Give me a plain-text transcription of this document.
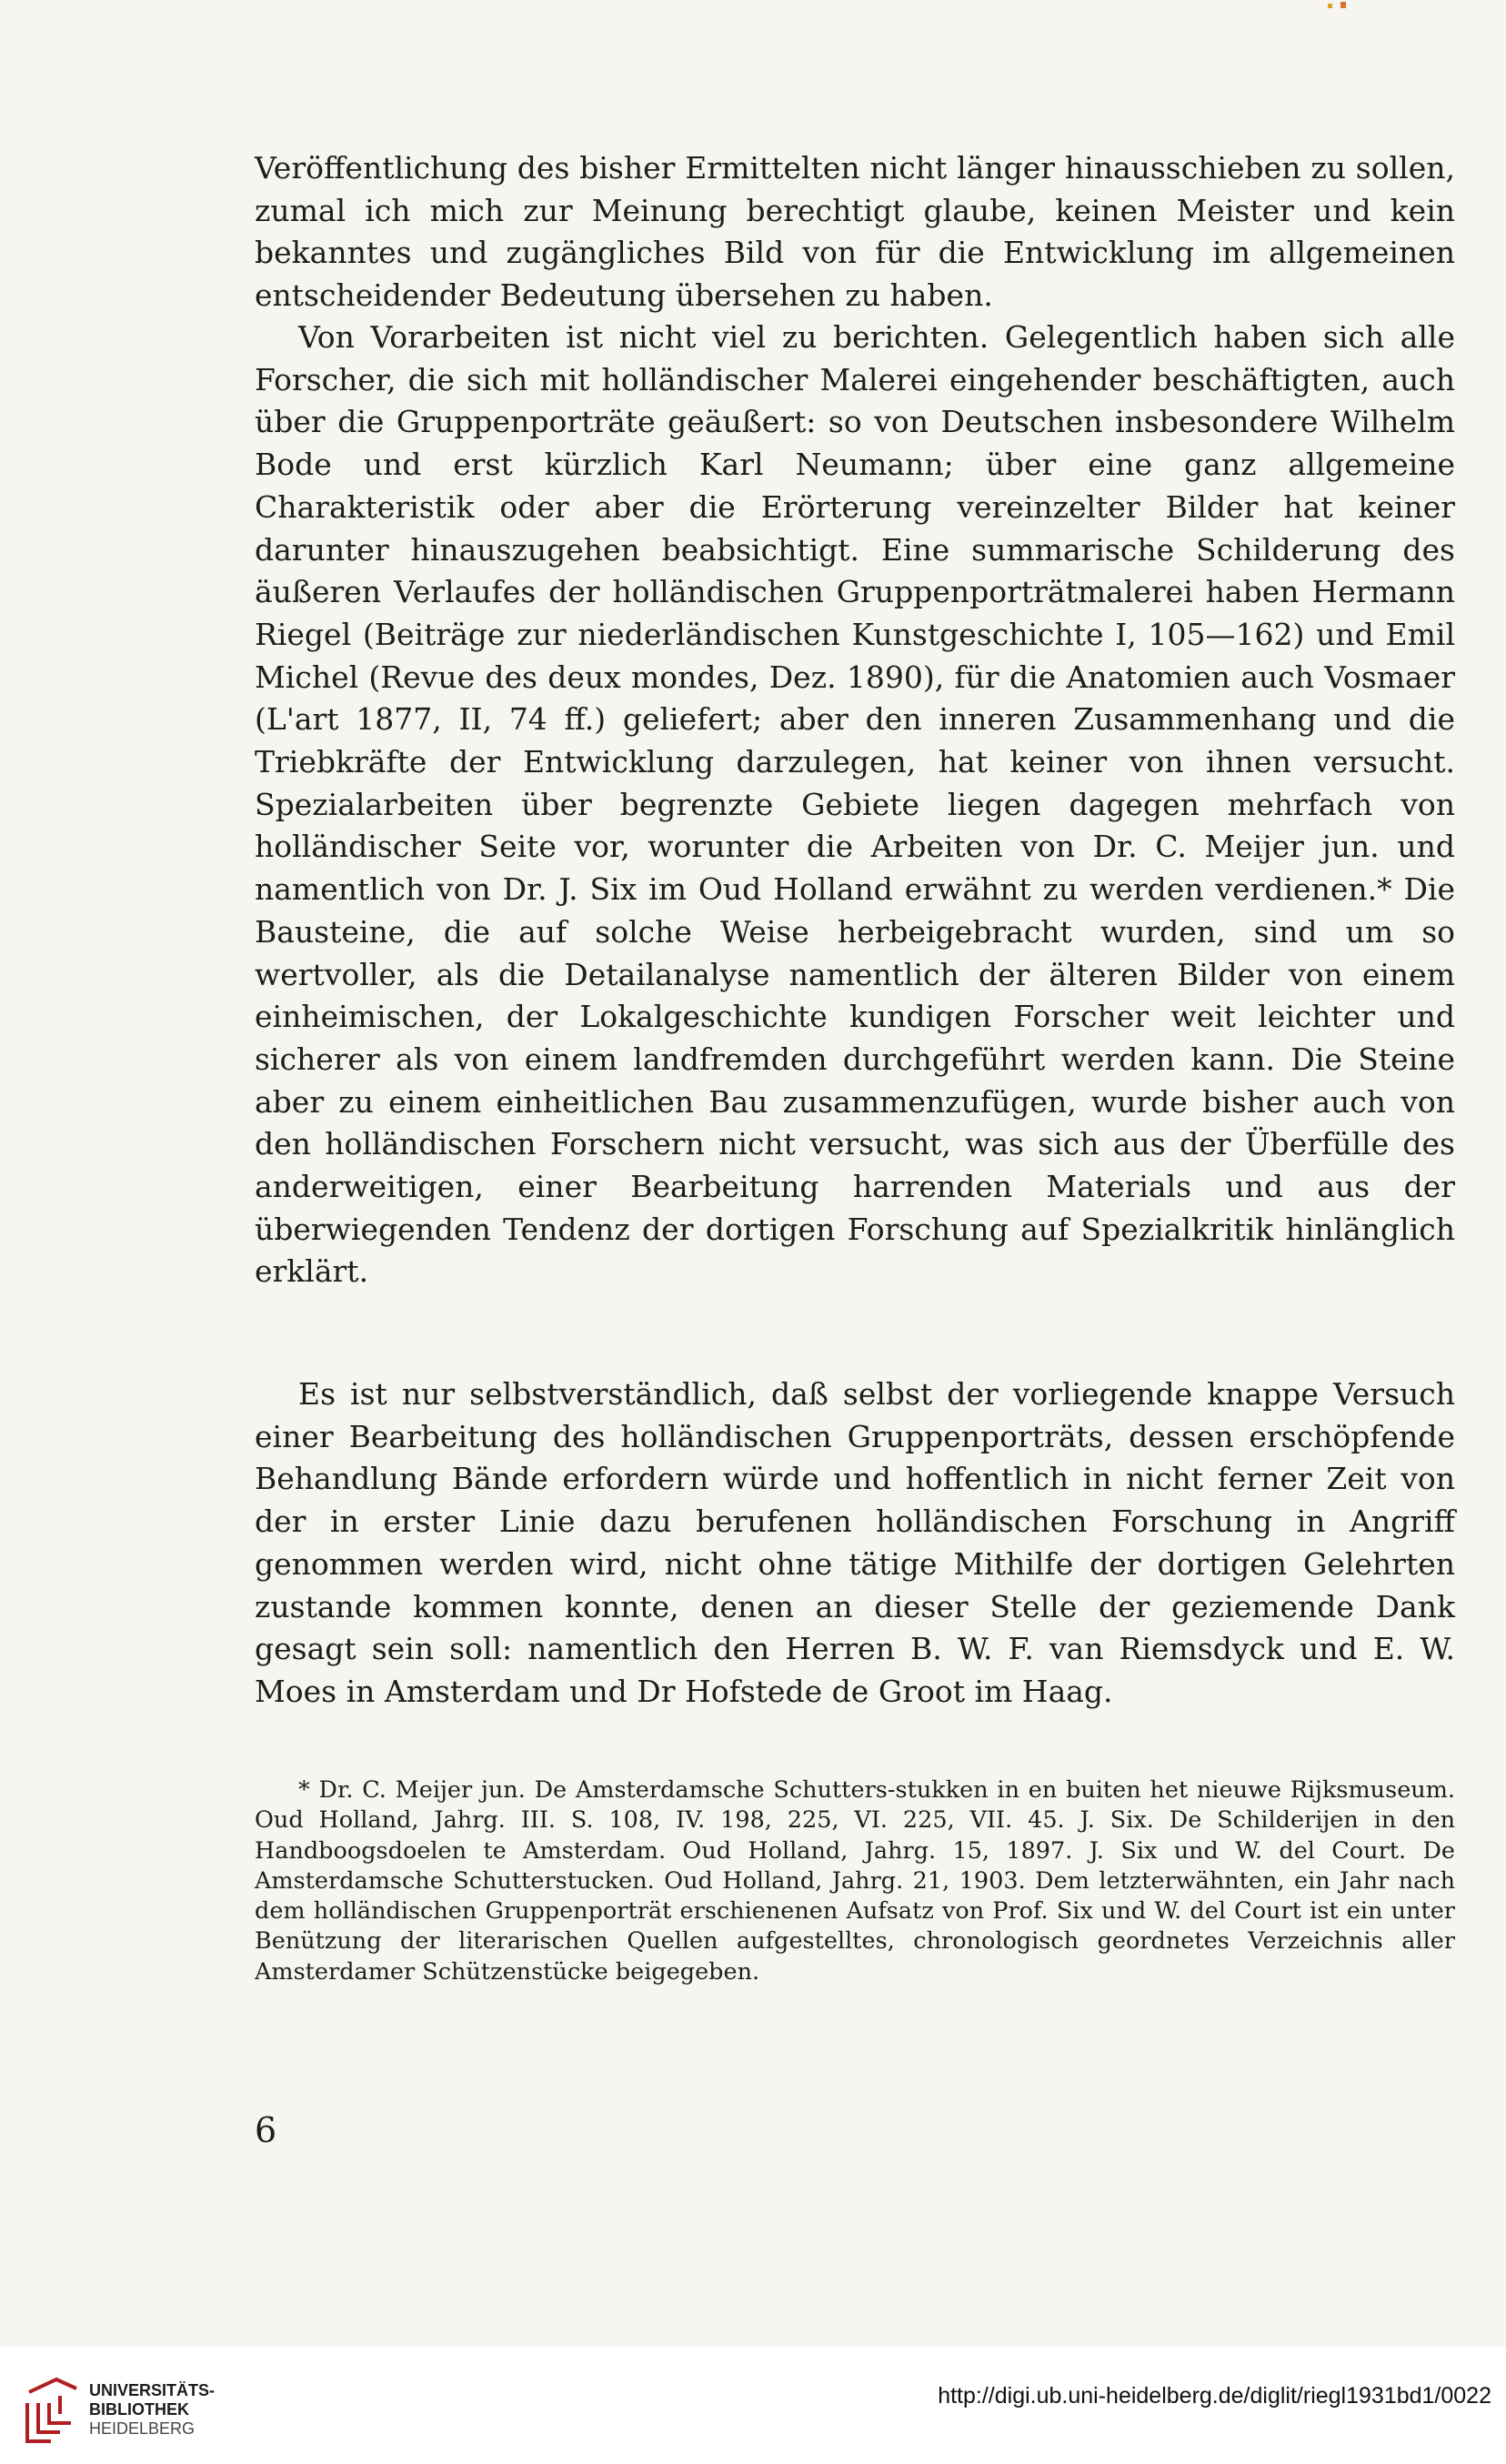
Veröffentlichung des bisher Ermittelten nicht länger hinausschieben zu sollen, zumal ich mich zur Meinung berechtigt glaube, keinen Meister und kein bekanntes und zugängliches Bild von für die Entwicklung im allgemeinen entscheidender Bedeutung übersehen zu haben.

Von Vorarbeiten ist nicht viel zu berichten. Gelegentlich haben sich alle Forscher, die sich mit holländischer Malerei eingehender beschäftigten, auch über die Gruppenporträte geäußert: so von Deutschen insbesondere Wilhelm Bode und erst kürzlich Karl Neumann; über eine ganz allgemeine Charakteristik oder aber die Erörterung vereinzelter Bilder hat keiner darunter hinauszugehen beabsichtigt. Eine summarische Schilderung des äußeren Verlaufes der holländischen Gruppenporträtmalerei haben Hermann Riegel (Beiträge zur niederländischen Kunstgeschichte I, 105—162) und Emil Michel (Revue des deux mondes, Dez. 1890), für die Anatomien auch Vosmaer (L'art 1877, II, 74 ff.) geliefert; aber den inneren Zusammenhang und die Triebkräfte der Entwicklung darzulegen, hat keiner von ihnen versucht. Spezialarbeiten über begrenzte Gebiete liegen dagegen mehrfach von holländischer Seite vor, worunter die Arbeiten von Dr. C. Meijer jun. und namentlich von Dr. J. Six im Oud Holland erwähnt zu werden verdienen.* Die Bausteine, die auf solche Weise herbeigebracht wurden, sind um so wertvoller, als die Detailanalyse namentlich der älteren Bilder von einem einheimischen, der Lokalgeschichte kundigen Forscher weit leichter und sicherer als von einem landfremden durchgeführt werden kann. Die Steine aber zu einem einheitlichen Bau zusammenzufügen, wurde bisher auch von den holländischen Forschern nicht versucht, was sich aus der Überfülle des anderweitigen, einer Bearbeitung harrenden Materials und aus der überwiegenden Tendenz der dortigen Forschung auf Spezialkritik hinlänglich erklärt.

Es ist nur selbstverständlich, daß selbst der vorliegende knappe Versuch einer Bearbeitung des holländischen Gruppenporträts, dessen erschöpfende Behandlung Bände erfordern würde und hoffentlich in nicht ferner Zeit von der in erster Linie dazu berufenen holländischen Forschung in Angriff genommen werden wird, nicht ohne tätige Mithilfe der dortigen Gelehrten zustande kommen konnte, denen an dieser Stelle der geziemende Dank gesagt sein soll: namentlich den Herren B. W. F. van Riemsdyck und E. W. Moes in Amsterdam und Dr Hofstede de Groot im Haag.

* Dr. C. Meijer jun. De Amsterdamsche Schutters-stukken in en buiten het nieuwe Rijksmuseum. Oud Holland, Jahrg. III. S. 108, IV. 198, 225, VI. 225, VII. 45. J. Six. De Schilderijen in den Handboogsdoelen te Amsterdam. Oud Holland, Jahrg. 15, 1897. J. Six und W. del Court. De Amsterdamsche Schutterstucken. Oud Holland, Jahrg. 21, 1903. Dem letzterwähnten, ein Jahr nach dem holländischen Gruppenporträt erschienenen Aufsatz von Prof. Six und W. del Court ist ein unter Benützung der literarischen Quellen aufgestelltes, chronologisch geordnetes Verzeichnis aller Amsterdamer Schützenstücke beigegeben.

6
UNIVERSITÄTS-
BIBLIOTHEK
HEIDELBERG
http://digi.ub.uni-heidelberg.de/diglit/riegl1931bd1/0022
